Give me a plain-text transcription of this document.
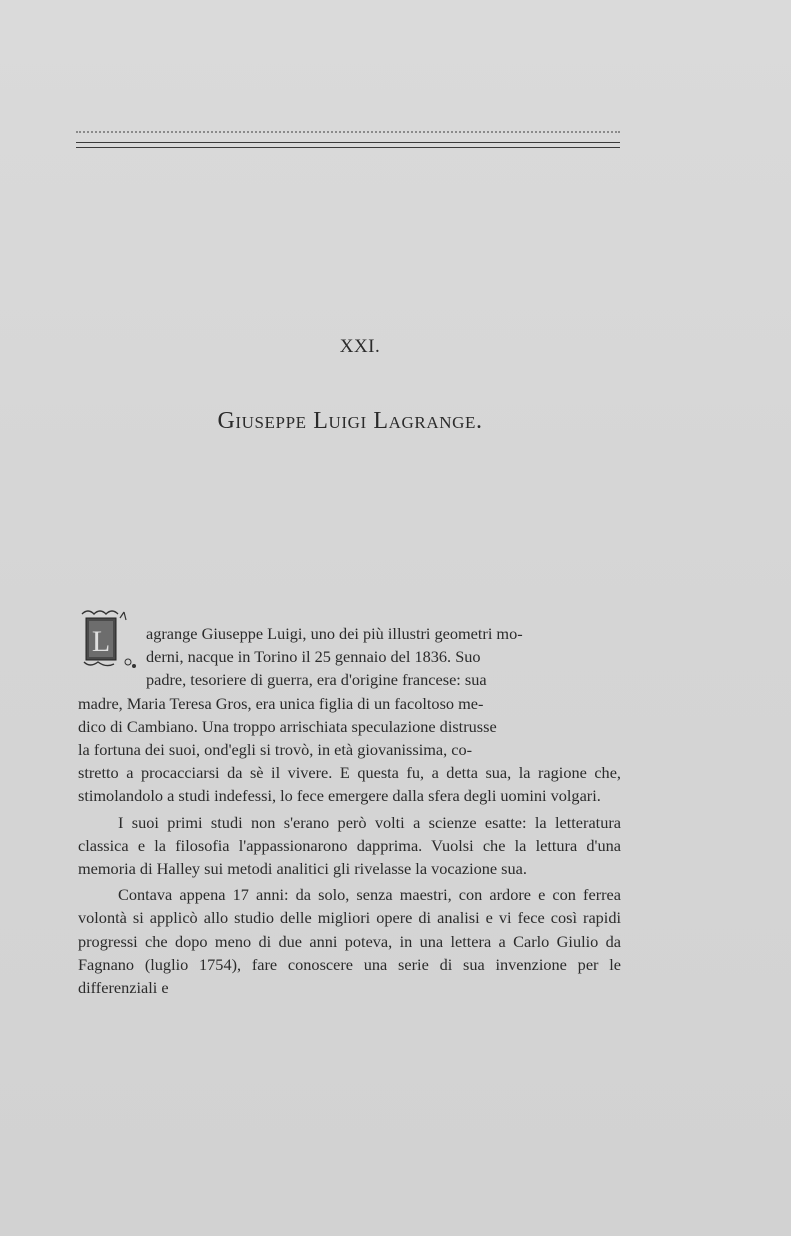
XXI.
Giuseppe Luigi Lagrange.
L	agrange Giuseppe Luigi, uno dei più illustri geometri mo-
derni, nacque in Torino il 25 gennaio del 1836. Suo
padre, tesoriere di guerra, era d'origine francese: sua
madre, Maria Teresa Gros, era unica figlia di un facoltoso me-
dico di Cambiano. Una troppo arrischiata speculazione distrusse
la fortuna dei suoi, ond'egli si trovò, in età giovanissima, co-
stretto a procacciarsi da sè il vivere. E questa fu, a detta sua, la ragione che, stimolandolo a studi indefessi, lo fece emergere dalla sfera degli uomini volgari.

I suoi primi studi non s'erano però volti a scienze esatte: la letteratura classica e la filosofia l'appassionarono dapprima. Vuolsi che la lettura d'una memoria di Halley sui metodi analitici gli rivelasse la vocazione sua.

Contava appena 17 anni: da solo, senza maestri, con ardore e con ferrea volontà si applicò allo studio delle migliori opere di analisi e vi fece così rapidi progressi che dopo meno di due anni poteva, in una lettera a Carlo Giulio da Fagnano (luglio 1754), fare conoscere una serie di sua invenzione per le differenziali e
